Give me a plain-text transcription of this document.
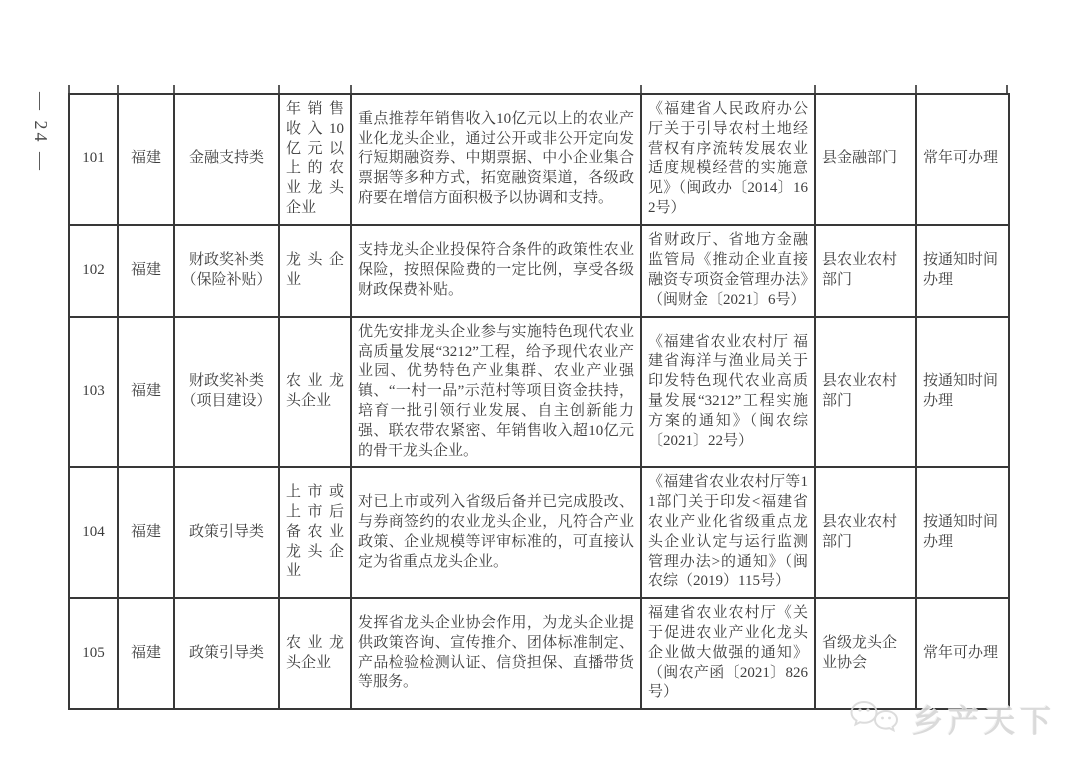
— 24 — 101	福建	金融支持类	年销售收入10亿元以上的农业龙头企业	重点推荐年销售收入10亿元以上的农业产业化龙头企业，通过公开或非公开定向发行短期融资券、中期票据、中小企业集合票据等多种方式，拓宽融资渠道，各级政府要在增信方面积极予以协调和支持。	《福建省人民政府办公厅关于引导农村土地经营权有序流转发展农业适度规模经营的实施意见》（闽政办〔2014〕162号）	县金融部门	常年可办理
102	福建	财政奖补类（保险补贴）	龙头企业	支持龙头企业投保符合条件的政策性农业保险，按照保险费的一定比例，享受各级财政保费补贴。	省财政厅、省地方金融监管局《推动企业直接融资专项资金管理办法》（闽财金〔2021〕6号）	县农业农村部门	按通知时间办理
103	福建	财政奖补类（项目建设）	农业龙头企业	优先安排龙头企业参与实施特色现代农业高质量发展“3212”工程，给予现代农业产业园、优势特色产业集群、农业产业强镇、“一村一品”示范村等项目资金扶持，培育一批引领行业发展、自主创新能力强、联农带农紧密、年销售收入超10亿元的骨干龙头企业。	《福建省农业农村厅 福建省海洋与渔业局关于印发特色现代农业高质量发展“3212”工程实施方案的通知》（闽农综〔2021〕22号）	县农业农村部门	按通知时间办理
104	福建	政策引导类	上市或上市后备农业龙头企业	对已上市或列入省级后备并已完成股改、与券商签约的农业龙头企业，凡符合产业政策、企业规模等评审标准的，可直接认定为省重点龙头企业。	《福建省农业农村厅等11部门关于印发<福建省农业产业化省级重点龙头企业认定与运行监测管理办法>的通知》（闽农综（2019）115号）	县农业农村部门	按通知时间办理
105	福建	政策引导类	农业龙头企业	发挥省龙头企业协会作用，为龙头企业提供政策咨询、宣传推介、团体标准制定、产品检验检测认证、信贷担保、直播带货等服务。	福建省农业农村厅《关于促进农业产业化龙头企业做大做强的通知》（闽农产函〔2021〕826号）	省级龙头企业协会	常年可办理
乡产天下
